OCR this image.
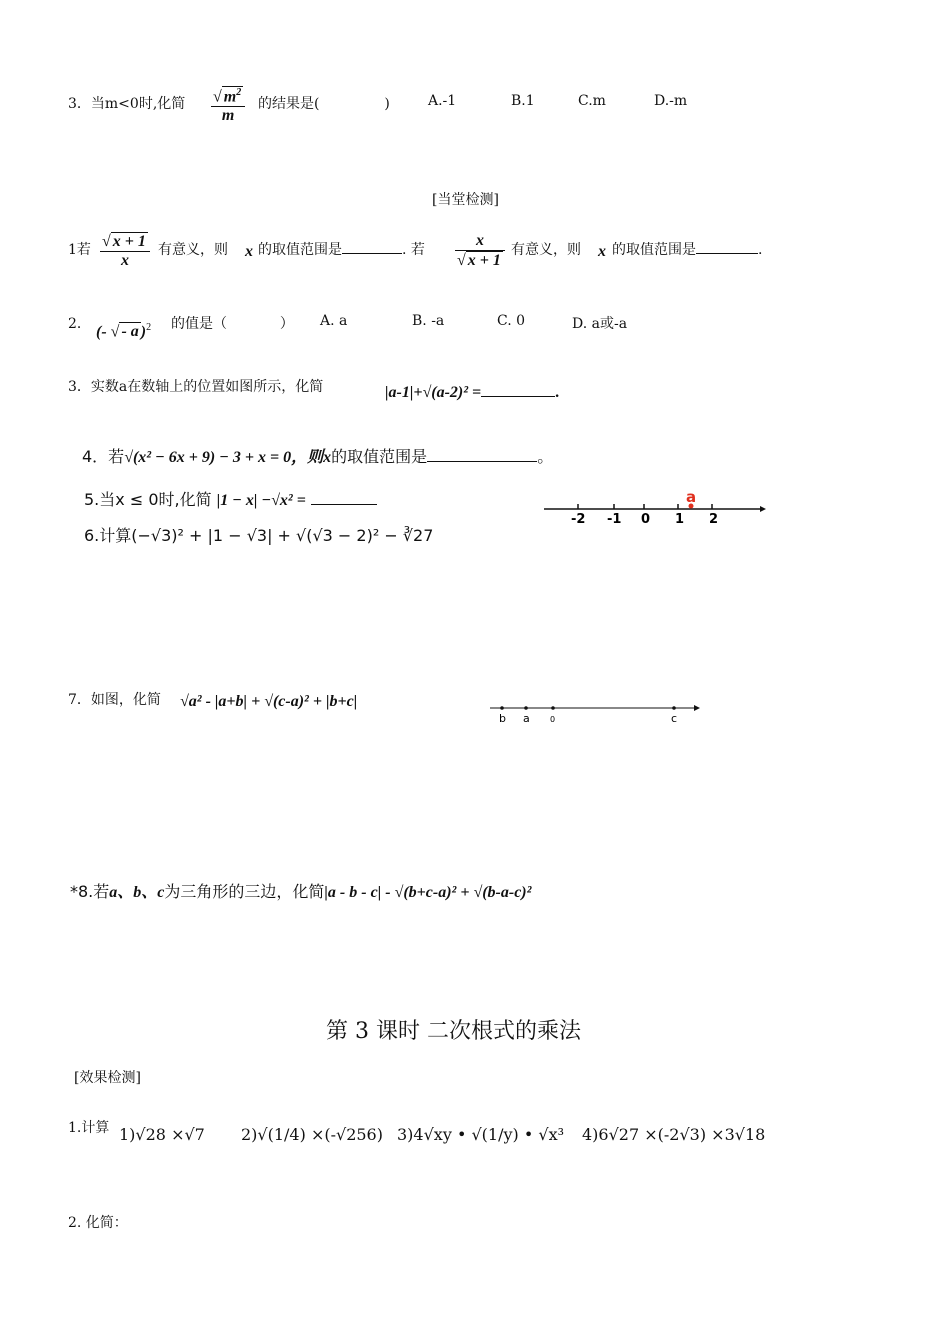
3．当m<0时,化简 $\frac{√ m^2}{m}$ 的结果是(	)	A.-1	B.1	C.m	D.-m
[当堂检测]
1若 $\frac{√ x + 1}{x}$ 有意义，则 x 的取值范围是	. 若 $\frac{x}{√ x + 1}$ 有意义，则 x 的取值范围是	.
2． (- √ - a )$^2$ 的值是（	） A. a	B. -a	C. 0	D. a或-a
3．实数a在数轴上的位置如图所示，化简	|a-1|+√(a-2)² =	.
4．若√(x² − 6x + 9) − 3 + x = 0，则x的取值范围是	。
5.当x ≤ 0时,化简 |1 − x| −√x² =
6.计算(−√3)² + |1 − √3| + √(√3 − 2)² − ∛27
-2 -1 0 1 2
a
7．如图，化简 √a² - |a+b| + √(c-a)² + |b+c|
b a	0	c
*8.若a、b、c为三角形的三边，化简|a - b - c| - √(b+c-a)² + √(b-a-c)²
第 3 课时 二次根式的乘法
[效果检测]
1.计算 1)√28 ×√7 2)√(1/4) ×(-√256) 3)4√xy • √(1/y) • √x³ 4)6√27 ×(-2√3) ×3√18
2. 化简：
